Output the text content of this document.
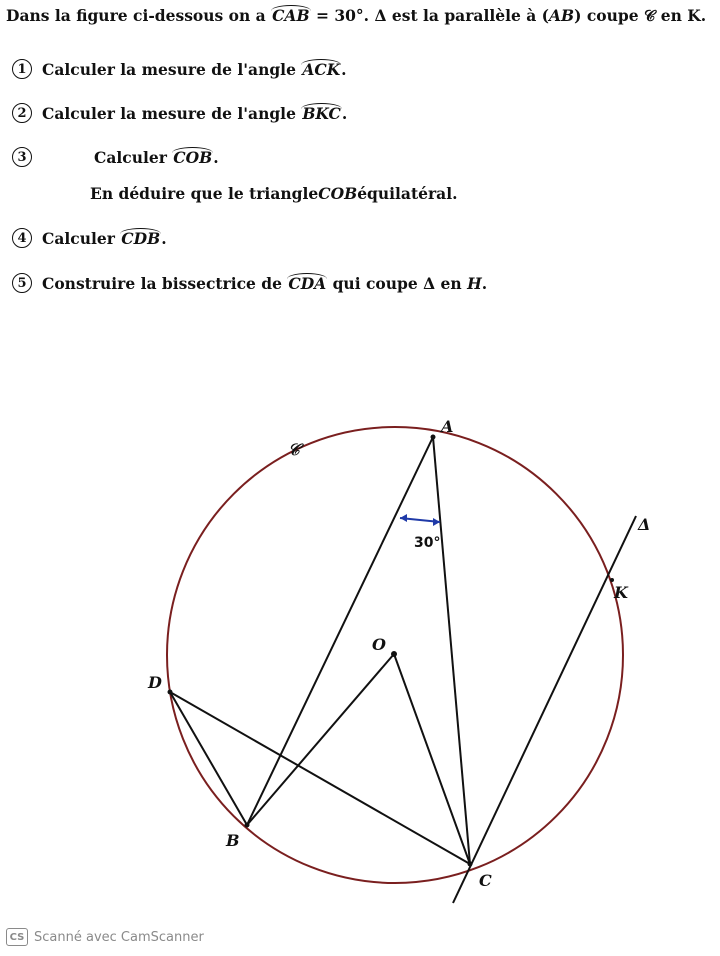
Dans la figure ci-dessous on a CAB = 30°. Δ est la parallèle à (AB) coupe 𝒞 en K.
1 Calculer la mesure de l'angle ACK.
2 Calculer la mesure de l'angle BKC.
3	Calculer COB.
En déduire que le triangle COB équilatéral.
4 Calculer CDB.
5 Construire la bissectrice de CDA qui coupe Δ en H.
30°
𝒞
A
B
C
D
O
K
Δ
CS Scanné avec CamScanner
